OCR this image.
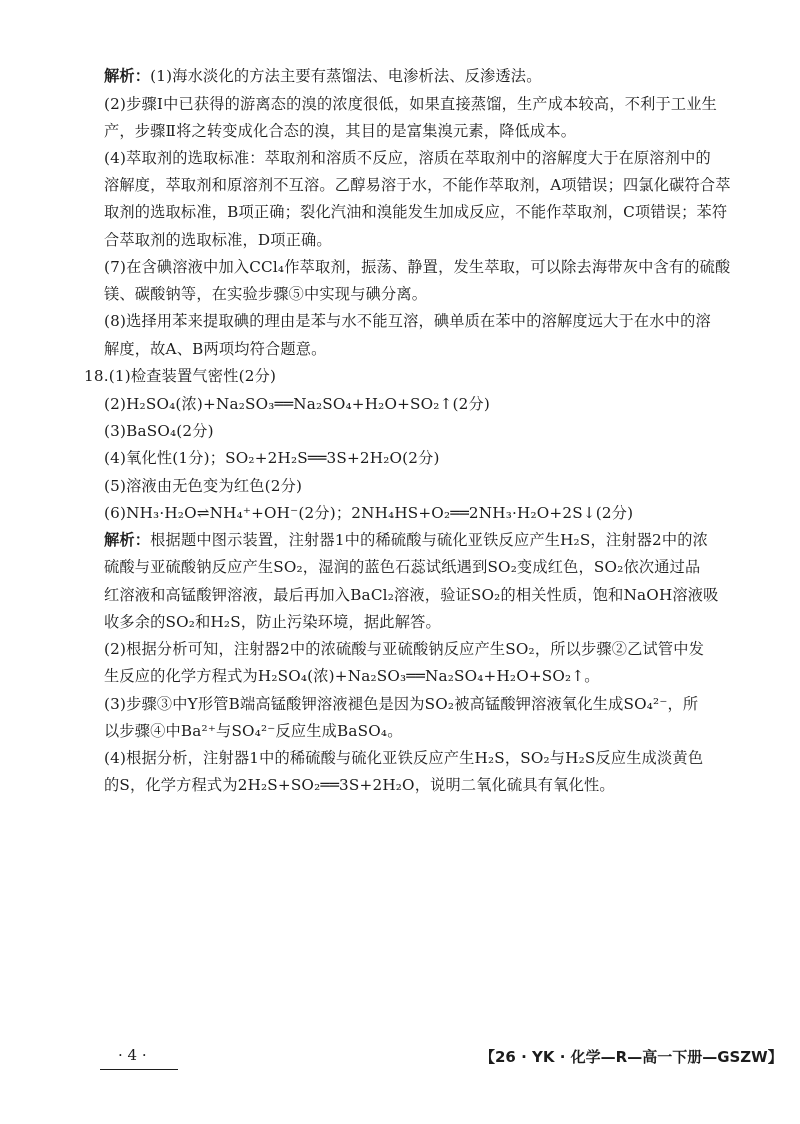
解析：(1)海水淡化的方法主要有蒸馏法、电渗析法、反渗透法。
(2)步骤Ⅰ中已获得的游离态的溴的浓度很低，如果直接蒸馏，生产成本较高，不利于工业生
产，步骤Ⅱ将之转变成化合态的溴，其目的是富集溴元素，降低成本。
(4)萃取剂的选取标准：萃取剂和溶质不反应，溶质在萃取剂中的溶解度大于在原溶剂中的
溶解度，萃取剂和原溶剂不互溶。乙醇易溶于水，不能作萃取剂，A项错误；四氯化碳符合萃
取剂的选取标准，B项正确；裂化汽油和溴能发生加成反应，不能作萃取剂，C项错误；苯符
合萃取剂的选取标准，D项正确。
(7)在含碘溶液中加入CCl₄作萃取剂，振荡、静置，发生萃取，可以除去海带灰中含有的硫酸
镁、碳酸钠等，在实验步骤⑤中实现与碘分离。
(8)选择用苯来提取碘的理由是苯与水不能互溶，碘单质在苯中的溶解度远大于在水中的溶
解度，故A、B两项均符合题意。
18.(1)检查装置气密性(2分)
(2)H₂SO₄(浓)+Na₂SO₃══Na₂SO₄+H₂O+SO₂↑(2分)
(3)BaSO₄(2分)
(4)氧化性(1分)；SO₂+2H₂S══3S+2H₂O(2分)
(5)溶液由无色变为红色(2分)
(6)NH₃·H₂O⇌NH₄⁺+OH⁻(2分)；2NH₄HS+O₂══2NH₃·H₂O+2S↓(2分)
解析：根据题中图示装置，注射器1中的稀硫酸与硫化亚铁反应产生H₂S，注射器2中的浓
硫酸与亚硫酸钠反应产生SO₂，湿润的蓝色石蕊试纸遇到SO₂变成红色，SO₂依次通过品
红溶液和高锰酸钾溶液，最后再加入BaCl₂溶液，验证SO₂的相关性质，饱和NaOH溶液吸
收多余的SO₂和H₂S，防止污染环境，据此解答。
(2)根据分析可知，注射器2中的浓硫酸与亚硫酸钠反应产生SO₂，所以步骤②乙试管中发
生反应的化学方程式为H₂SO₄(浓)+Na₂SO₃══Na₂SO₄+H₂O+SO₂↑。
(3)步骤③中Y形管B端高锰酸钾溶液褪色是因为SO₂被高锰酸钾溶液氧化生成SO₄²⁻，所
以步骤④中Ba²⁺与SO₄²⁻反应生成BaSO₄。
(4)根据分析，注射器1中的稀硫酸与硫化亚铁反应产生H₂S，SO₂与H₂S反应生成淡黄色
的S，化学方程式为2H₂S+SO₂══3S+2H₂O，说明二氧化硫具有氧化性。
· 4 ·	【26 · YK · 化学—R—高一下册—GSZW】
